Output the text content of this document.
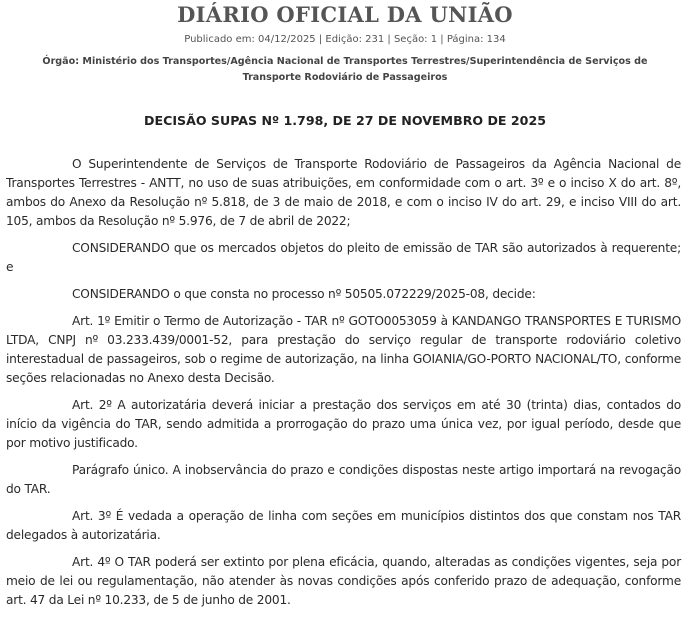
DIÁRIO OFICIAL DA UNIÃO
Publicado em: 04/12/2025 | Edição: 231 | Seção: 1 | Página: 134
Órgão: Ministério dos Transportes/Agência Nacional de Transportes Terrestres/Superintendência de Serviços de Transporte Rodoviário de Passageiros
DECISÃO SUPAS Nº 1.798, DE 27 DE NOVEMBRO DE 2025

O Superintendente de Serviços de Transporte Rodoviário de Passageiros da Agência Nacional de Transportes Terrestres - ANTT, no uso de suas atribuições, em conformidade com o art. 3º e o inciso X do art. 8º, ambos do Anexo da Resolução nº 5.818, de 3 de maio de 2018, e com o inciso IV do art. 29, e inciso VIII do art. 105, ambos da Resolução nº 5.976, de 7 de abril de 2022;

CONSIDERANDO que os mercados objetos do pleito de emissão de TAR são autorizados à requerente; e

CONSIDERANDO o que consta no processo nº 50505.072229/2025-08, decide:

Art. 1º Emitir o Termo de Autorização - TAR nº GOTO0053059 à KANDANGO TRANSPORTES E TURISMO LTDA, CNPJ nº 03.233.439/0001-52, para prestação do serviço regular de transporte rodoviário coletivo interestadual de passageiros, sob o regime de autorização, na linha GOIANIA/GO-PORTO NACIONAL/TO, conforme seções relacionadas no Anexo desta Decisão.

Art. 2º A autorizatária deverá iniciar a prestação dos serviços em até 30 (trinta) dias, contados do início da vigência do TAR, sendo admitida a prorrogação do prazo uma única vez, por igual período, desde que por motivo justificado.

Parágrafo único. A inobservância do prazo e condições dispostas neste artigo importará na revogação do TAR.

Art. 3º É vedada a operação de linha com seções em municípios distintos dos que constam nos TAR delegados à autorizatária.

Art. 4º O TAR poderá ser extinto por plena eficácia, quando, alteradas as condições vigentes, seja por meio de lei ou regulamentação, não atender às novas condições após conferido prazo de adequação, conforme art. 47 da Lei nº 10.233, de 5 de junho de 2001.
